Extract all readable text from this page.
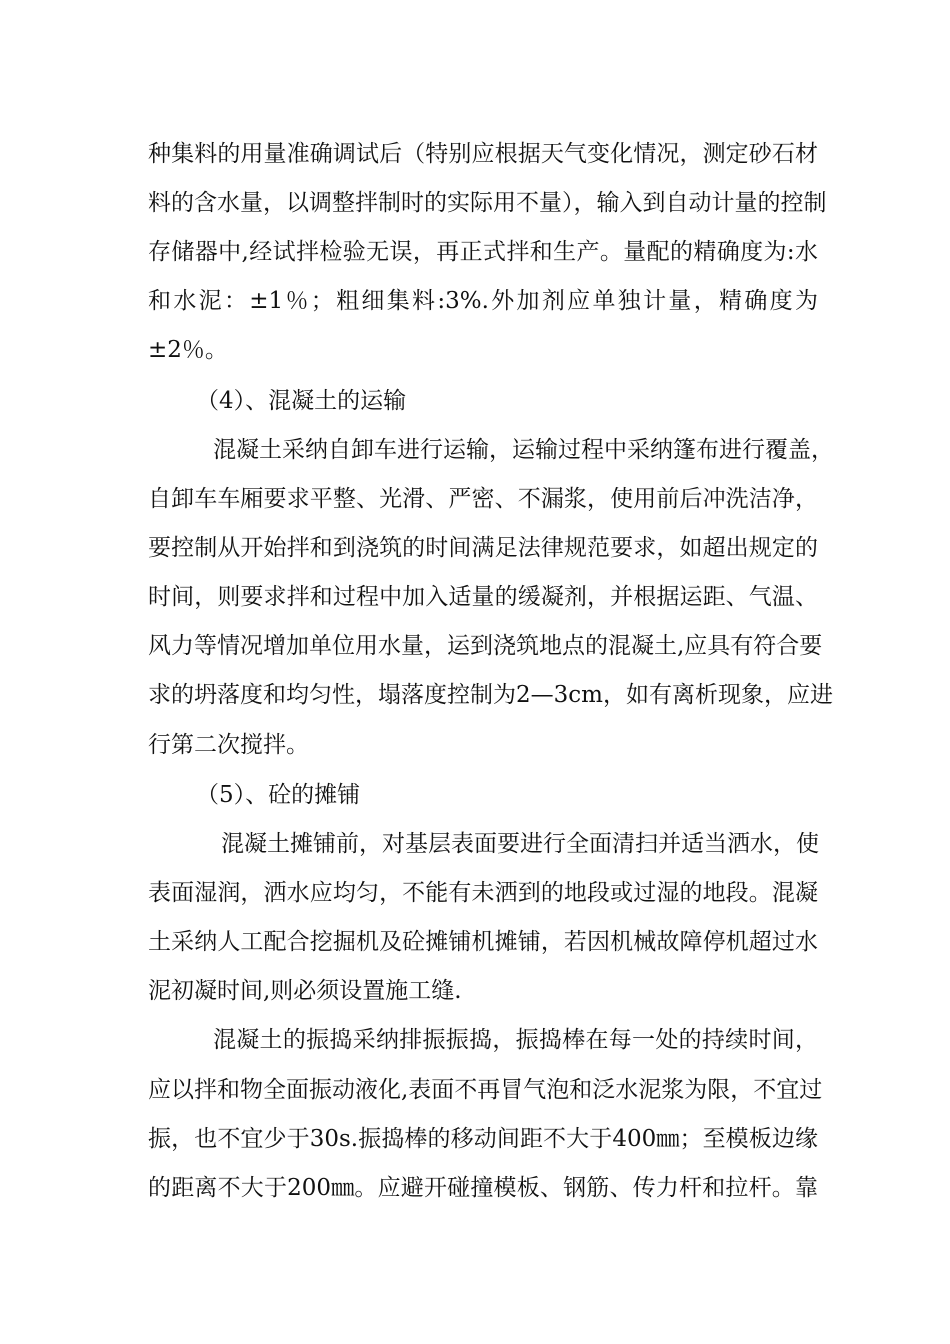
种集料的用量准确调试后（特别应根据天气变化情况，测定砂石材
料的含水量，以调整拌制时的实际用不量），输入到自动计量的控制
存储器中,经试拌检验无误，再正式拌和生产。量配的精确度为:水
和水泥：±1％；粗细集料:3%.外加剂应单独计量，精确度为
±2％。
（4）、混凝土的运输
混凝土采纳自卸车进行运输，运输过程中采纳篷布进行覆盖，
自卸车车厢要求平整、光滑、严密、不漏浆，使用前后冲洗洁净，
要控制从开始拌和到浇筑的时间满足法律规范要求，如超出规定的
时间，则要求拌和过程中加入适量的缓凝剂，并根据运距、气温、
风力等情况增加单位用水量，运到浇筑地点的混凝土,应具有符合要
求的坍落度和均匀性，塌落度控制为2—3cm，如有离析现象，应进
行第二次搅拌。
（5）、砼的摊铺
混凝土摊铺前，对基层表面要进行全面清扫并适当洒水，使
表面湿润，洒水应均匀，不能有未洒到的地段或过湿的地段。混凝
土采纳人工配合挖掘机及砼摊铺机摊铺，若因机械故障停机超过水
泥初凝时间,则必须设置施工缝.
混凝土的振捣采纳排振振捣，振捣棒在每一处的持续时间，
应以拌和物全面振动液化,表面不再冒气泡和泛水泥浆为限，不宜过
振，也不宜少于30s.振捣棒的移动间距不大于400㎜；至模板边缘
的距离不大于200㎜。应避开碰撞模板、钢筋、传力杆和拉杆。靠
